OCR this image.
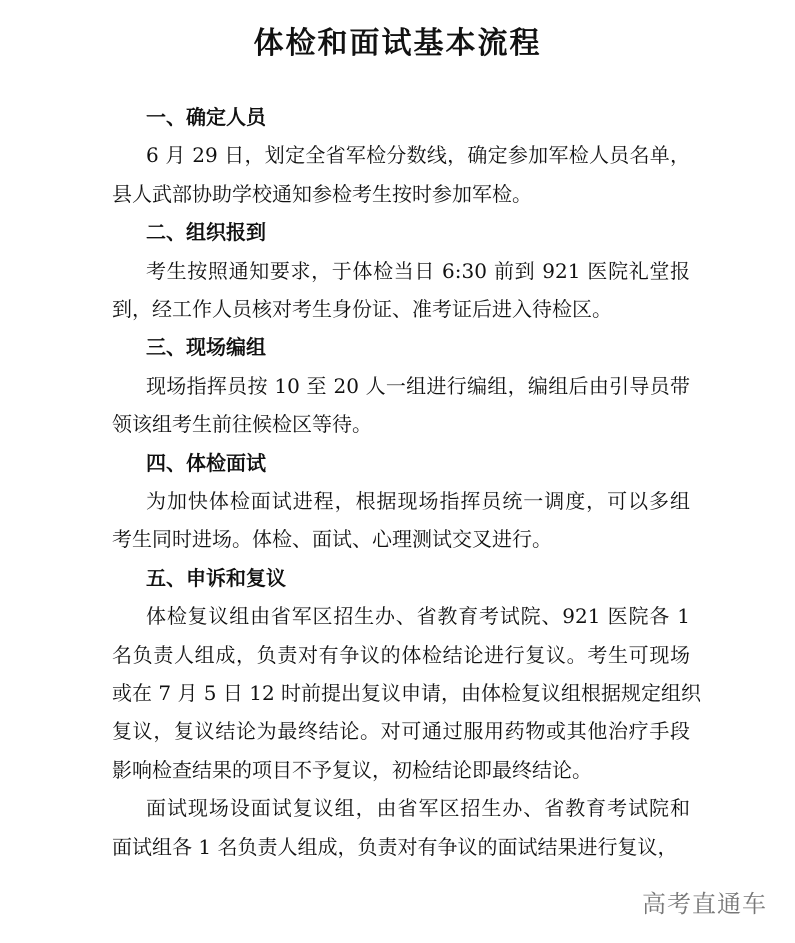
体检和面试基本流程
一、确定人员
6 月 29 日，划定全省军检分数线，确定参加军检人员名单，
县人武部协助学校通知参检考生按时参加军检。
二、组织报到
考生按照通知要求，于体检当日 6:30 前到 921 医院礼堂报
到，经工作人员核对考生身份证、准考证后进入待检区。
三、现场编组
现场指挥员按 10 至 20 人一组进行编组，编组后由引导员带
领该组考生前往候检区等待。
四、体检面试
为加快体检面试进程，根据现场指挥员统一调度，可以多组
考生同时进场。体检、面试、心理测试交叉进行。
五、申诉和复议
体检复议组由省军区招生办、省教育考试院、921 医院各 1
名负责人组成，负责对有争议的体检结论进行复议。考生可现场
或在 7 月 5 日 12 时前提出复议申请，由体检复议组根据规定组织
复议，复议结论为最终结论。对可通过服用药物或其他治疗手段
影响检查结果的项目不予复议，初检结论即最终结论。
面试现场设面试复议组，由省军区招生办、省教育考试院和
面试组各 1 名负责人组成，负责对有争议的面试结果进行复议，
高考直通车
